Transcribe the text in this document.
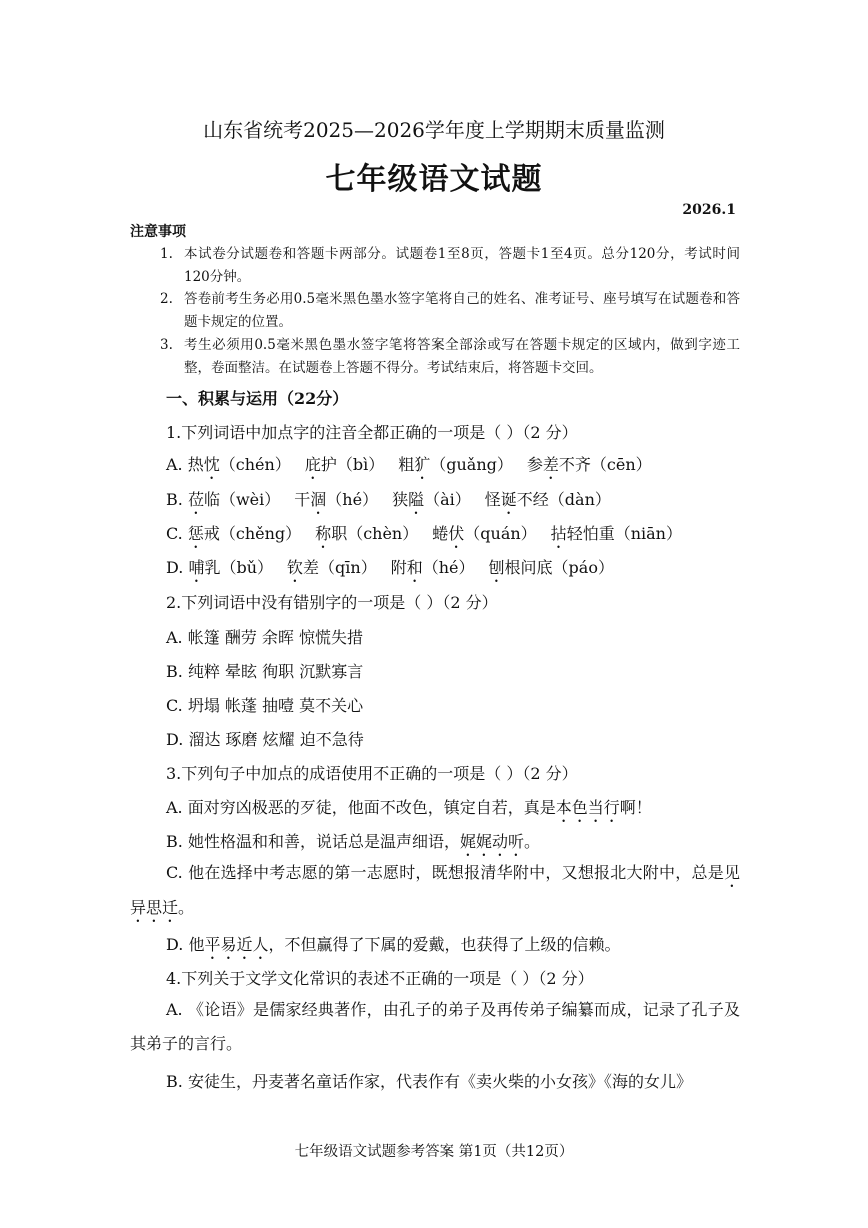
山东省统考2025—2026学年度上学期期末质量监测
七年级语文试题
2026.1
注意事项
1. 本试卷分试题卷和答题卡两部分。试题卷1至8页，答题卡1至4页。总分120分，考试时间120分钟。
2. 答卷前考生务必用0.5毫米黑色墨水签字笔将自己的姓名、准考证号、座号填写在试题卷和答题卡规定的位置。
3. 考生必须用0.5毫米黑色墨水签字笔将答案全部涂或写在答题卡规定的区域内，做到字迹工整，卷面整洁。在试题卷上答题不得分。考试结束后，将答题卡交回。
一、积累与运用（22分）
1.下列词语中加点字的注音全都正确的一项是（ ）（2 分）
A. 热忱（chén） 庇护（bì） 粗犷（guǎng） 参差不齐（cēn）
B. 莅临（wèi） 干涸（hé） 狭隘（ài） 怪诞不经（dàn）
C. 惩戒（chěng） 称职（chèn） 蜷伏（quán） 拈轻怕重（niān）
D. 哺乳（bǔ） 钦差（qīn） 附和（hé） 刨根问底（páo）
2.下列词语中没有错别字的一项是（ ）（2 分）
A. 帐篷 酬劳 余晖 惊慌失措
B. 纯粹 晕眩 徇职 沉默寡言
C. 坍塌 帐蓬 抽噎 莫不关心
D. 溜达 琢磨 炫耀 迫不急待
3.下列句子中加点的成语使用不正确的一项是（ ）（2 分）
A. 面对穷凶极恶的歹徒，他面不改色，镇定自若，真是本色当行啊！
B. 她性格温和和善，说话总是温声细语，娓娓动听。
C. 他在选择中考志愿的第一志愿时，既想报清华附中，又想报北大附中，总是见异思迁。
D. 他平易近人，不但赢得了下属的爱戴，也获得了上级的信赖。
4.下列关于文学文化常识的表述不正确的一项是（ ）（2 分）
A. 《论语》是儒家经典著作，由孔子的弟子及再传弟子编纂而成，记录了孔子及其弟子的言行。
B. 安徒生，丹麦著名童话作家，代表作有《卖火柴的小女孩》《海的女儿》
七年级语文试题参考答案 第1页（共12页）
